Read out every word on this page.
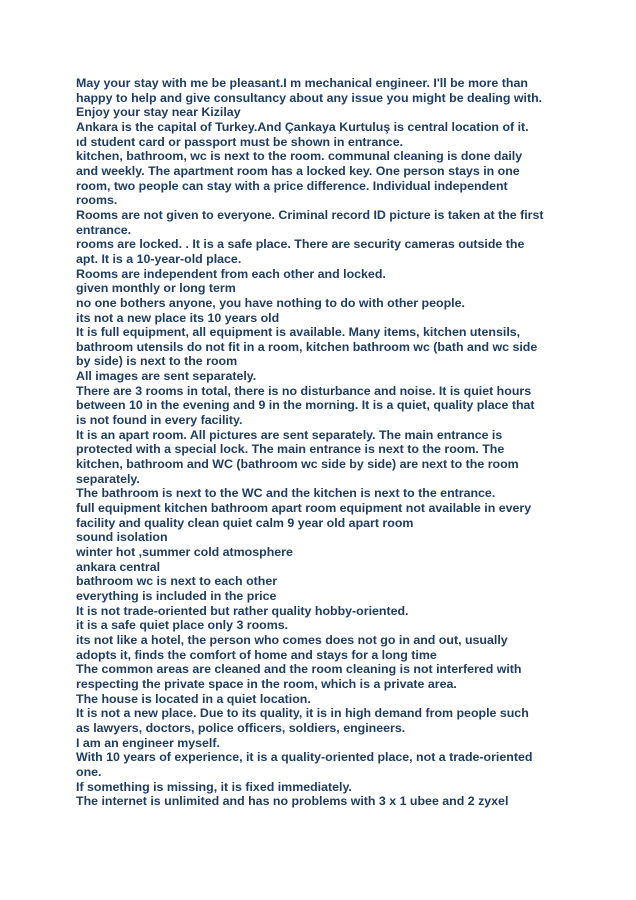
May your stay with me be pleasant.I m mechanical engineer. I'll be more than
happy to help and give consultancy about any issue you might be dealing with.
Enjoy your stay near Kizilay
Ankara is the capital of Turkey.And Çankaya Kurtuluş is central location of it.
ıd student card or passport must be shown in entrance.
kitchen, bathroom, wc is next to the room. communal cleaning is done daily
and weekly. The apartment room has a locked key. One person stays in one
room, two people can stay with a price difference. Individual independent
rooms.
Rooms are not given to everyone. Criminal record ID picture is taken at the first
entrance.
rooms are locked. . It is a safe place. There are security cameras outside the
apt. It is a 10-year-old place.
Rooms are independent from each other and locked.
given monthly or long term
no one bothers anyone, you have nothing to do with other people.
its not a new place its 10 years old
It is full equipment, all equipment is available. Many items, kitchen utensils,
bathroom utensils do not fit in a room, kitchen bathroom wc (bath and wc side
by side) is next to the room
All images are sent separately.
There are 3 rooms in total, there is no disturbance and noise. It is quiet hours
between 10 in the evening and 9 in the morning. It is a quiet, quality place that
is not found in every facility.
It is an apart room. All pictures are sent separately. The main entrance is
protected with a special lock. The main entrance is next to the room. The
kitchen, bathroom and WC (bathroom wc side by side) are next to the room
separately.
The bathroom is next to the WC and the kitchen is next to the entrance.
full equipment kitchen bathroom apart room equipment not available in every
facility and quality clean quiet calm 9 year old apart room
sound isolation
winter hot ,summer cold atmosphere
ankara central
bathroom wc is next to each other
everything is included in the price
It is not trade-oriented but rather quality hobby-oriented.
it is a safe quiet place only 3 rooms.
its not like a hotel, the person who comes does not go in and out, usually
adopts it, finds the comfort of home and stays for a long time
The common areas are cleaned and the room cleaning is not interfered with
respecting the private space in the room, which is a private area.
The house is located in a quiet location.
It is not a new place. Due to its quality, it is in high demand from people such
as lawyers, doctors, police officers, soldiers, engineers.
I am an engineer myself.
With 10 years of experience, it is a quality-oriented place, not a trade-oriented
one.
If something is missing, it is fixed immediately.
The internet is unlimited and has no problems with 3 x 1 ubee and 2 zyxel
